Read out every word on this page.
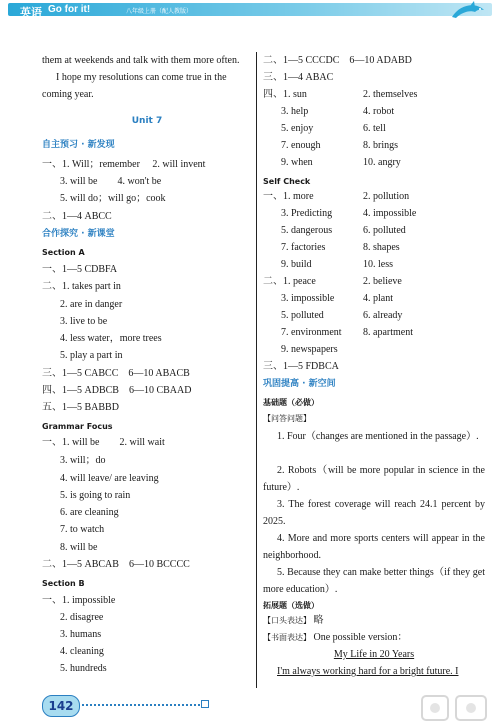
英语 Go for it!	八年级上册（配人教版）
them at weekends and talk with them more often.
I hope my resolutions can come true in the
coming year.
Unit 7
自主预习 · 新发现
一、1. Will；remember　 2. will invent
3. will be　　4. won't be
5. will do；will go；cook
二、1—4 ABCC
合作探究 · 新课堂
Section A
一、1—5 CDBFA
二、1. takes part in
2. are in danger
3. live to be
4. less water，more trees
5. play a part in
三、1—5 CABCC　6—10 ABACB
四、1—5 ADBCB　6—10 CBAAD
五、1—5 BABBD
Grammar Focus
一、1. will be　　2. will wait
3. will；do
4. will leave/ are leaving
5. is going to rain
6. are cleaning
7. to watch
8. will be
二、1—5 ABCAB　6—10 BCCCC
Section B
一、1. impossible
2. disagree
3. humans
4. cleaning
5. hundreds
二、1—5 CCCDC　6—10 ADABD
三、1—4 ABAC
四、1. sun	2. themselves
3. help	4. robot
5. enjoy	6. tell
7. enough	8. brings
9. when	10. angry
Self Check
一、1. more	2. pollution
3. Predicting	4. impossible
5. dangerous	6. polluted
7. factories	8. shapes
9. build	10. less
二、1. peace	2. believe
3. impossible	4. plant
5. polluted	6. already
7. environment 8. apartment
9. newspapers
三、1—5 FDBCA
巩固提高 · 新空间
基础题（必做）
【问答问题】
1. Four（changes are mentioned in the passage）.
2. Robots（will be more popular in science in the future）.
3. The forest coverage will reach 24.1 percent by 2025.
4. More and more sports centers will appear in the neighborhood.
5. Because they can make better things（if they get more education）.
拓展题（选做）
【口头表达】 略
【书面表达】 One possible version：
My Life in 20 Years
I'm always working hard for a bright future. I
142
